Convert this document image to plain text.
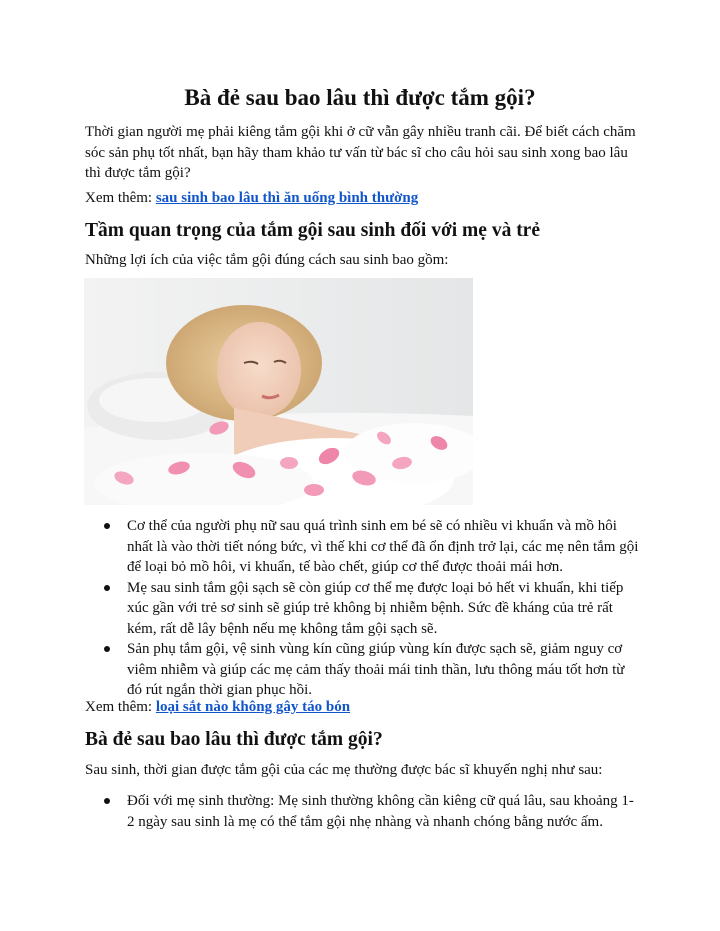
Bà đẻ sau bao lâu thì được tắm gội?

Thời gian người mẹ phải kiêng tắm gội khi ở cữ vẫn gây nhiều tranh cãi. Để biết cách chăm sóc sản phụ tốt nhất, bạn hãy tham khảo tư vấn từ bác sĩ cho câu hỏi sau sinh xong bao lâu thì được tắm gội?

Xem thêm: sau sinh bao lâu thì ăn uống bình thường

Tầm quan trọng của tắm gội sau sinh đối với mẹ và trẻ

Những lợi ích của việc tắm gội đúng cách sau sinh bao gồm:

Cơ thể của người phụ nữ sau quá trình sinh em bé sẽ có nhiều vi khuẩn và mồ hôi nhất là vào thời tiết nóng bức, vì thế khi cơ thể đã ổn định trở lại, các mẹ nên tắm gội để loại bỏ mồ hôi, vi khuẩn, tế bào chết, giúp cơ thể được thoải mái hơn.
Mẹ sau sinh tắm gội sạch sẽ còn giúp cơ thể mẹ được loại bỏ hết vi khuẩn, khi tiếp xúc gần với trẻ sơ sinh sẽ giúp trẻ không bị nhiễm bệnh. Sức đề kháng của trẻ rất kém, rất dễ lây bệnh nếu mẹ không tắm gội sạch sẽ.
Sản phụ tắm gội, vệ sinh vùng kín cũng giúp vùng kín được sạch sẽ, giảm nguy cơ viêm nhiễm và giúp các mẹ cảm thấy thoải mái tinh thần, lưu thông máu tốt hơn từ đó rút ngắn thời gian phục hồi.

Xem thêm: loại sắt nào không gây táo bón

Bà đẻ sau bao lâu thì được tắm gội?

Sau sinh, thời gian được tắm gội của các mẹ thường được bác sĩ khuyến nghị như sau:

Đối với mẹ sinh thường: Mẹ sinh thường không cần kiêng cữ quá lâu, sau khoảng 1-2 ngày sau sinh là mẹ có thể tắm gội nhẹ nhàng và nhanh chóng bằng nước ấm.
